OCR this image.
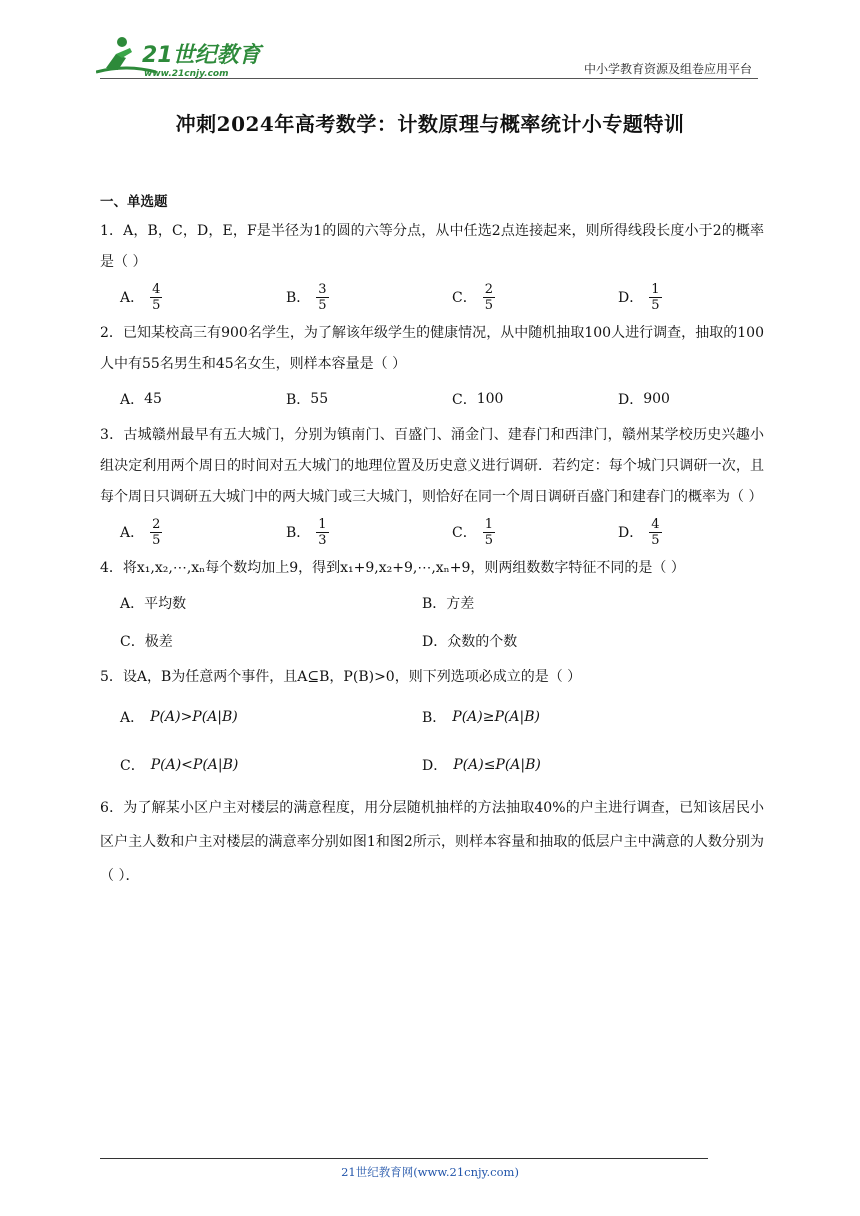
21世纪教育
www.21cnjy.com	中小学教育资源及组卷应用平台
冲刺2024年高考数学：计数原理与概率统计小专题特训
一、单选题
1．A，B，C，D，E，F是半径为1的圆的六等分点，从中任选2点连接起来，则所得线段长度小于2的概率是（ ）
A． $\frac{4}{5}$	B． $\frac{3}{5}$	C． $\frac{2}{5}$	D． $\frac{1}{5}$
2．已知某校高三有900名学生，为了解该年级学生的健康情况，从中随机抽取100人进行调查，抽取的100人中有55名男生和45名女生，则样本容量是（ ）
A． 45	B． 55	C． 100	D． 900
3．古城赣州最早有五大城门，分别为镇南门、百盛门、涌金门、建春门和西津门，赣州某学校历史兴趣小组决定利用两个周日的时间对五大城门的地理位置及历史意义进行调研．若约定：每个城门只调研一次，且每个周日只调研五大城门中的两大城门或三大城门，则恰好在同一个周日调研百盛门和建春门的概率为（ ）
A． $\frac{2}{5}$	B． $\frac{1}{3}$	C． $\frac{1}{5}$	D． $\frac{4}{5}$
4．将x₁,x₂,⋯,xₙ每个数均加上9，得到x₁+9,x₂+9,⋯,xₙ+9，则两组数数字特征不同的是（ ）
A． 平均数	B． 方差
C． 极差	D． 众数的个数
5．设A，B为任意两个事件，且A⊆B，P(B)>0，则下列选项必成立的是（ ）
A． P(A)>P(A|B)	B． P(A)≥P(A|B)
C． P(A)<P(A|B)	D． P(A)≤P(A|B)
6．为了解某小区户主对楼层的满意程度，用分层随机抽样的方法抽取40%的户主进行调查，已知该居民小区户主人数和户主对楼层的满意率分别如图1和图2所示，则样本容量和抽取的低层户主中满意的人数分别为（ ）．
21世纪教育网(www.21cnjy.com)
